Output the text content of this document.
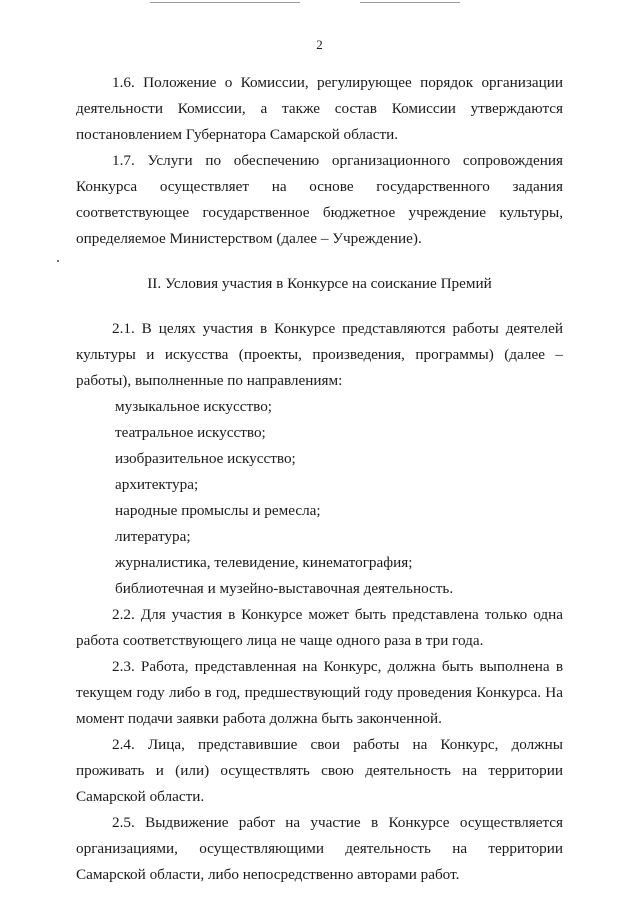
2

1.6. Положение о Комиссии, регулирующее порядок организации деятельности Комиссии, а также состав Комиссии утверждаются постановлением Губернатора Самарской области.

1.7. Услуги по обеспечению организационного сопровождения Конкурса осуществляет на основе государственного задания соответствующее государственное бюджетное учреждение культуры, определяемое Министерством (далее – Учреждение).

II. Условия участия в Конкурсе на соискание Премий

2.1. В целях участия в Конкурсе представляются работы деятелей культуры и искусства (проекты, произведения, программы) (далее – работы), выполненные по направлениям:

музыкальное искусство;

театральное искусство;

изобразительное искусство;

архитектура;

народные промыслы и ремесла;

литература;

журналистика, телевидение, кинематография;

библиотечная и музейно-выставочная деятельность.

2.2. Для участия в Конкурсе может быть представлена только одна работа соответствующего лица не чаще одного раза в три года.

2.3. Работа, представленная на Конкурс, должна быть выполнена в текущем году либо в год, предшествующий году проведения Конкурса. На момент подачи заявки работа должна быть законченной.

2.4. Лица, представившие свои работы на Конкурс, должны проживать и (или) осуществлять свою деятельность на территории Самарской области.

2.5. Выдвижение работ на участие в Конкурсе осуществляется организациями, осуществляющими деятельность на территории Самарской области, либо непосредственно авторами работ.
